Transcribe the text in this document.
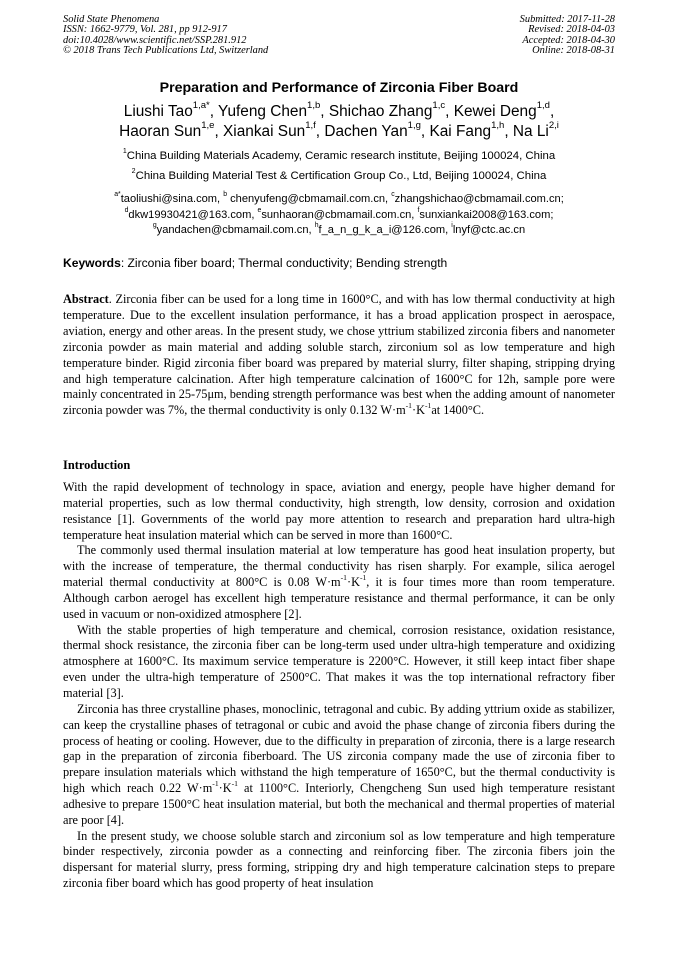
Solid State Phenomena
ISSN: 1662-9779, Vol. 281, pp 912-917
doi:10.4028/www.scientific.net/SSP.281.912
© 2018 Trans Tech Publications Ltd, Switzerland
Submitted: 2017-11-28
Revised: 2018-04-03
Accepted: 2018-04-30
Online: 2018-08-31
Preparation and Performance of Zirconia Fiber Board
Liushi Tao$^{1,a*}$, Yufeng Chen$^{1,b}$, Shichao Zhang$^{1,c}$, Kewei Deng$^{1,d}$,
Haoran Sun$^{1,e}$, Xiankai Sun$^{1,f}$, Dachen Yan$^{1,g}$, Kai Fang$^{1,h}$, Na Li$^{2,i}$
$^1$China Building Materials Academy, Ceramic research institute, Beijing 100024, China
$^2$China Building Material Test & Certification Group Co., Ltd, Beijing 100024, China
$^{a*}$taoliushi@sina.com, $^b$ chenyufeng@cbmamail.com.cn, $^c$zhangshichao@cbmamail.com.cn;
$^d$dkw19930421@163.com, $^e$sunhaoran@cbmamail.com.cn, $^f$sunxiankai2008@163.com;
$^g$yandachen@cbmamail.com.cn, $^h$f_a_n_g_k_a_i@126.com, $^i$lnyf@ctc.ac.cn
Keywords: Zirconia fiber board; Thermal conductivity; Bending strength
Abstract. Zirconia fiber can be used for a long time in 1600°C, and with has low thermal conductivity at high temperature. Due to the excellent insulation performance, it has a broad application prospect in aerospace, aviation, energy and other areas. In the present study, we chose yttrium stabilized zirconia fibers and nanometer zirconia powder as main material and adding soluble starch, zirconium sol as low temperature and high temperature binder. Rigid zirconia fiber board was prepared by material slurry, filter shaping, stripping drying and high temperature calcination. After high temperature calcination of 1600°C for 12h, sample pore were mainly concentrated in 25-75μm, bending strength performance was best when the adding amount of nanometer zirconia powder was 7%, the thermal conductivity is only 0.132 $W\cdot m^{-1}\cdot K^{-1}at$ 1400°C.
Introduction

With the rapid development of technology in space, aviation and energy, people have higher demand for material properties, such as low thermal conductivity, high strength, low density, corrosion and oxidation resistance [1]. Governments of the world pay more attention to research and preparation hard ultra-high temperature heat insulation material which can be served in more than 1600°C.

The commonly used thermal insulation material at low temperature has good heat insulation property, but with the increase of temperature, the thermal conductivity has risen sharply. For example, silica aerogel material thermal conductivity at 800°C is 0.08 $W\cdot m^{-1}\cdot K^{-1}$, it is four times more than room temperature. Although carbon aerogel has excellent high temperature resistance and thermal performance, it can be only used in vacuum or non-oxidized atmosphere [2].

With the stable properties of high temperature and chemical, corrosion resistance, oxidation resistance, thermal shock resistance, the zirconia fiber can be long-term used under ultra-high temperature and oxidizing atmosphere at 1600°C. Its maximum service temperature is 2200°C. However, it still keep intact fiber shape even under the ultra-high temperature of 2500°C. That makes it was the top international refractory fiber material [3].

Zirconia has three crystalline phases, monoclinic, tetragonal and cubic. By adding yttrium oxide as stabilizer, can keep the crystalline phases of tetragonal or cubic and avoid the phase change of zirconia fibers during the process of heating or cooling. However, due to the difficulty in preparation of zirconia, there is a large research gap in the preparation of zirconia fiberboard. The US zirconia company made the use of zirconia fiber to prepare insulation materials which withstand the high temperature of 1650°C, but the thermal conductivity is high which reach 0.22 $W\cdot m^{-1}\cdot K^{-1}$ at 1100°C. Interiorly, Chengcheng Sun used high temperature resistant adhesive to prepare 1500°C heat insulation material, but both the mechanical and thermal properties of material are poor [4].

In the present study, we choose soluble starch and zirconium sol as low temperature and high temperature binder respectively, zirconia powder as a connecting and reinforcing fiber. The zirconia fibers join the dispersant for material slurry, press forming, stripping dry and high temperature calcination steps to prepare zirconia fiber board which has good property of heat insulation
